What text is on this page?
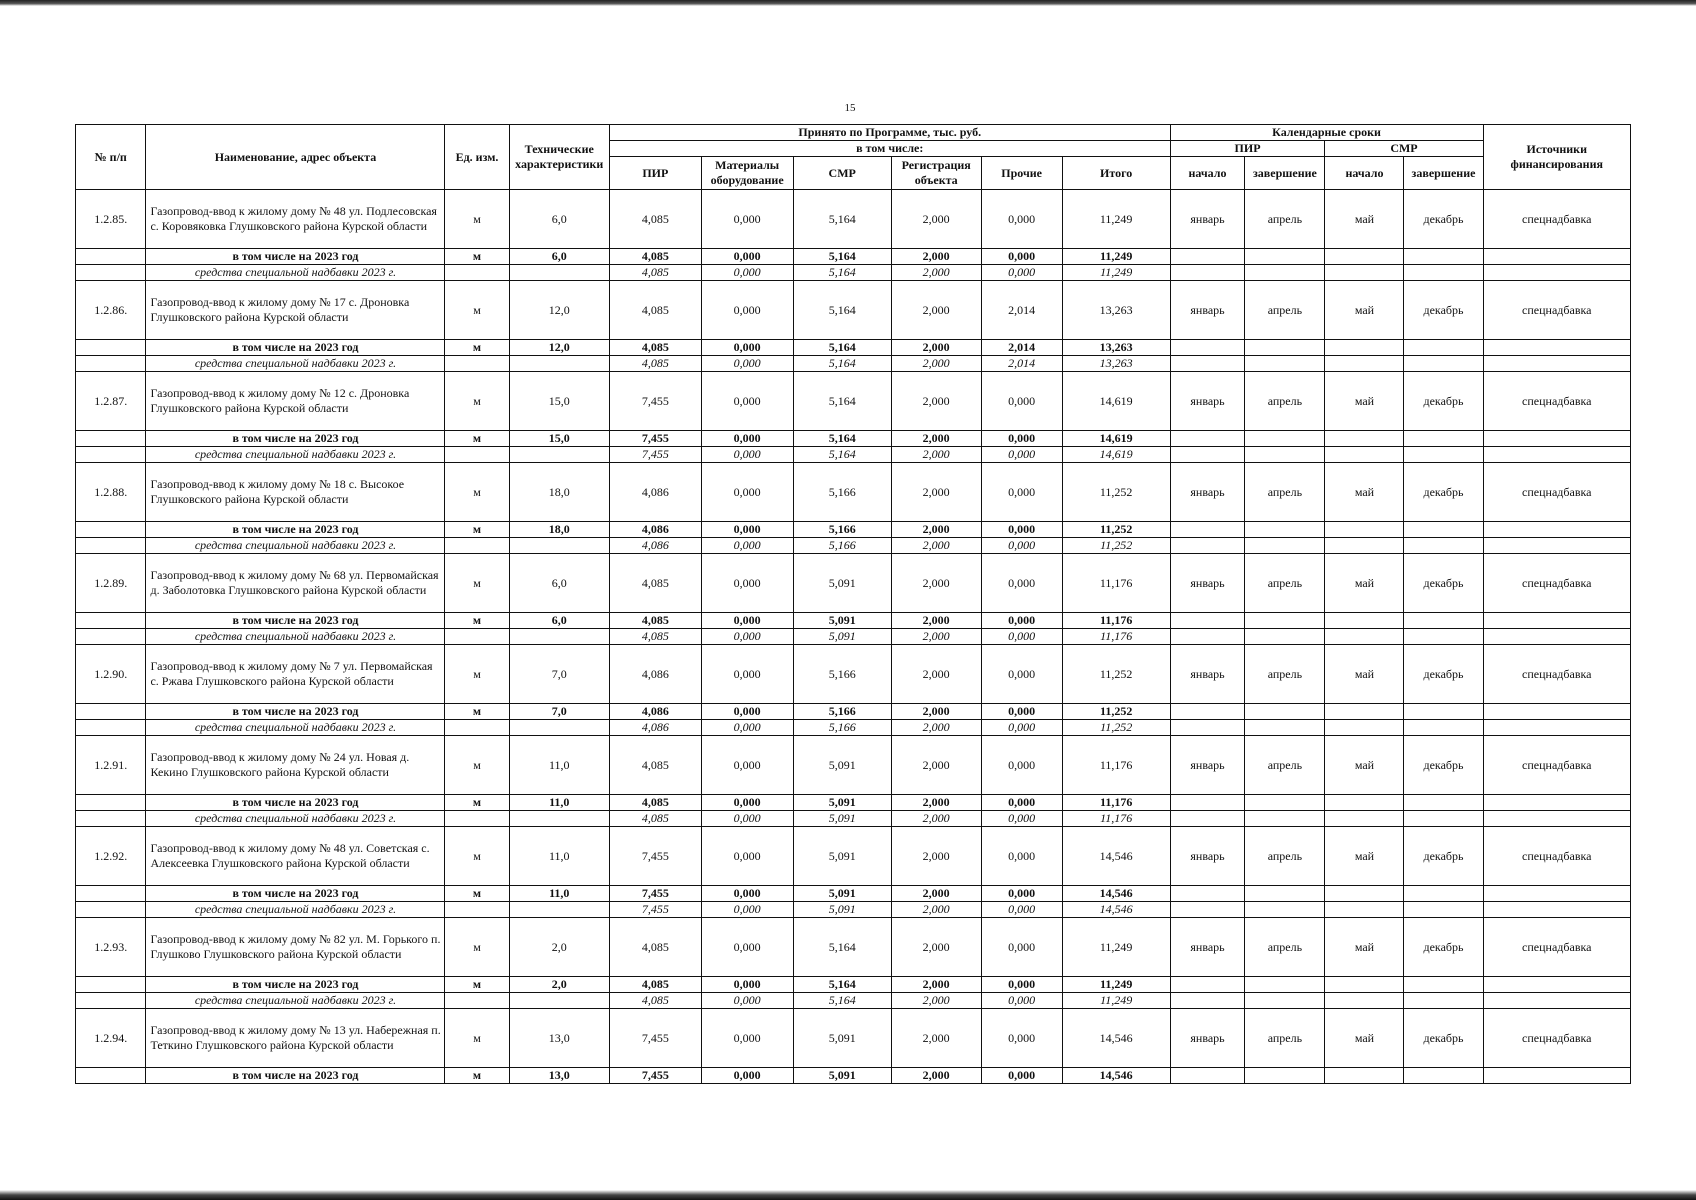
15
№ п/п	Наименование, адрес объекта	Ед. изм.	Технические характеристики	Принято по Программе, тыс. руб.						Календарные сроки				Источники финансирования
				в том числе:						ПИР		СМР		
				ПИР	Материалы оборудование	СМР	Регистрация объекта	Прочие	Итого	начало	завершение	начало	завершение	
1.2.85.	Газопровод-ввод к жилому дому № 48 ул. Подлесовская с. Коровяковка Глушковского района Курской области	м	6,0	4,085	0,000	5,164	2,000	0,000	11,249	январь	апрель	май	декабрь	спецнадбавка
	в том числе на 2023 год	м	6,0	4,085	0,000	5,164	2,000	0,000	11,249					
	средства специальной надбавки 2023 г.			4,085	0,000	5,164	2,000	0,000	11,249					
1.2.86.	Газопровод-ввод к жилому дому № 17 с. Дроновка Глушковского района Курской области	м	12,0	4,085	0,000	5,164	2,000	2,014	13,263	январь	апрель	май	декабрь	спецнадбавка
	в том числе на 2023 год	м	12,0	4,085	0,000	5,164	2,000	2,014	13,263					
	средства специальной надбавки 2023 г.			4,085	0,000	5,164	2,000	2,014	13,263					
1.2.87.	Газопровод-ввод к жилому дому № 12 с. Дроновка Глушковского района Курской области	м	15,0	7,455	0,000	5,164	2,000	0,000	14,619	январь	апрель	май	декабрь	спецнадбавка
	в том числе на 2023 год	м	15,0	7,455	0,000	5,164	2,000	0,000	14,619					
	средства специальной надбавки 2023 г.			7,455	0,000	5,164	2,000	0,000	14,619					
1.2.88.	Газопровод-ввод к жилому дому № 18 с. Высокое Глушковского района Курской области	м	18,0	4,086	0,000	5,166	2,000	0,000	11,252	январь	апрель	май	декабрь	спецнадбавка
	в том числе на 2023 год	м	18,0	4,086	0,000	5,166	2,000	0,000	11,252					
	средства специальной надбавки 2023 г.			4,086	0,000	5,166	2,000	0,000	11,252					
1.2.89.	Газопровод-ввод к жилому дому № 68 ул. Первомайская д. Заболотовка Глушковского района Курской области	м	6,0	4,085	0,000	5,091	2,000	0,000	11,176	январь	апрель	май	декабрь	спецнадбавка
	в том числе на 2023 год	м	6,0	4,085	0,000	5,091	2,000	0,000	11,176					
	средства специальной надбавки 2023 г.			4,085	0,000	5,091	2,000	0,000	11,176					
1.2.90.	Газопровод-ввод к жилому дому № 7 ул. Первомайская с. Ржава Глушковского района Курской области	м	7,0	4,086	0,000	5,166	2,000	0,000	11,252	январь	апрель	май	декабрь	спецнадбавка
	в том числе на 2023 год	м	7,0	4,086	0,000	5,166	2,000	0,000	11,252					
	средства специальной надбавки 2023 г.			4,086	0,000	5,166	2,000	0,000	11,252					
1.2.91.	Газопровод-ввод к жилому дому № 24 ул. Новая д. Кекино Глушковского района Курской области	м	11,0	4,085	0,000	5,091	2,000	0,000	11,176	январь	апрель	май	декабрь	спецнадбавка
	в том числе на 2023 год	м	11,0	4,085	0,000	5,091	2,000	0,000	11,176					
	средства специальной надбавки 2023 г.			4,085	0,000	5,091	2,000	0,000	11,176					
1.2.92.	Газопровод-ввод к жилому дому № 48 ул. Советская с. Алексеевка Глушковского района Курской области	м	11,0	7,455	0,000	5,091	2,000	0,000	14,546	январь	апрель	май	декабрь	спецнадбавка
	в том числе на 2023 год	м	11,0	7,455	0,000	5,091	2,000	0,000	14,546					
	средства специальной надбавки 2023 г.			7,455	0,000	5,091	2,000	0,000	14,546					
1.2.93.	Газопровод-ввод к жилому дому № 82 ул. М. Горького п. Глушково Глушковского района Курской области	м	2,0	4,085	0,000	5,164	2,000	0,000	11,249	январь	апрель	май	декабрь	спецнадбавка
	в том числе на 2023 год	м	2,0	4,085	0,000	5,164	2,000	0,000	11,249					
	средства специальной надбавки 2023 г.			4,085	0,000	5,164	2,000	0,000	11,249					
1.2.94.	Газопровод-ввод к жилому дому № 13 ул. Набережная п. Теткино Глушковского района Курской области	м	13,0	7,455	0,000	5,091	2,000	0,000	14,546	январь	апрель	май	декабрь	спецнадбавка
	в том числе на 2023 год	м	13,0	7,455	0,000	5,091	2,000	0,000	14,546					
